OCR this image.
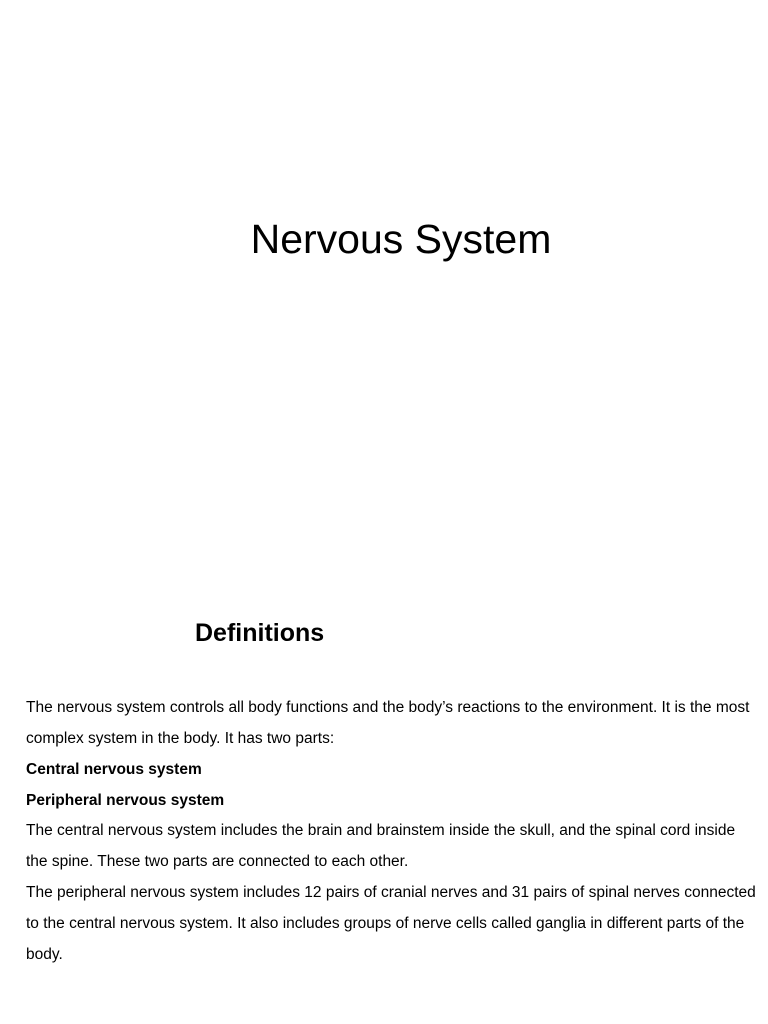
Nervous System
Definitions

The nervous system controls all body functions and the body’s reactions to the environment. It is the most complex system in the body. It has two parts:

Central nervous system

Peripheral nervous system

The central nervous system includes the brain and brainstem inside the skull, and the spinal cord inside the spine. These two parts are connected to each other.

The peripheral nervous system includes 12 pairs of cranial nerves and 31 pairs of spinal nerves connected to the central nervous system. It also includes groups of nerve cells called ganglia in different parts of the body.
